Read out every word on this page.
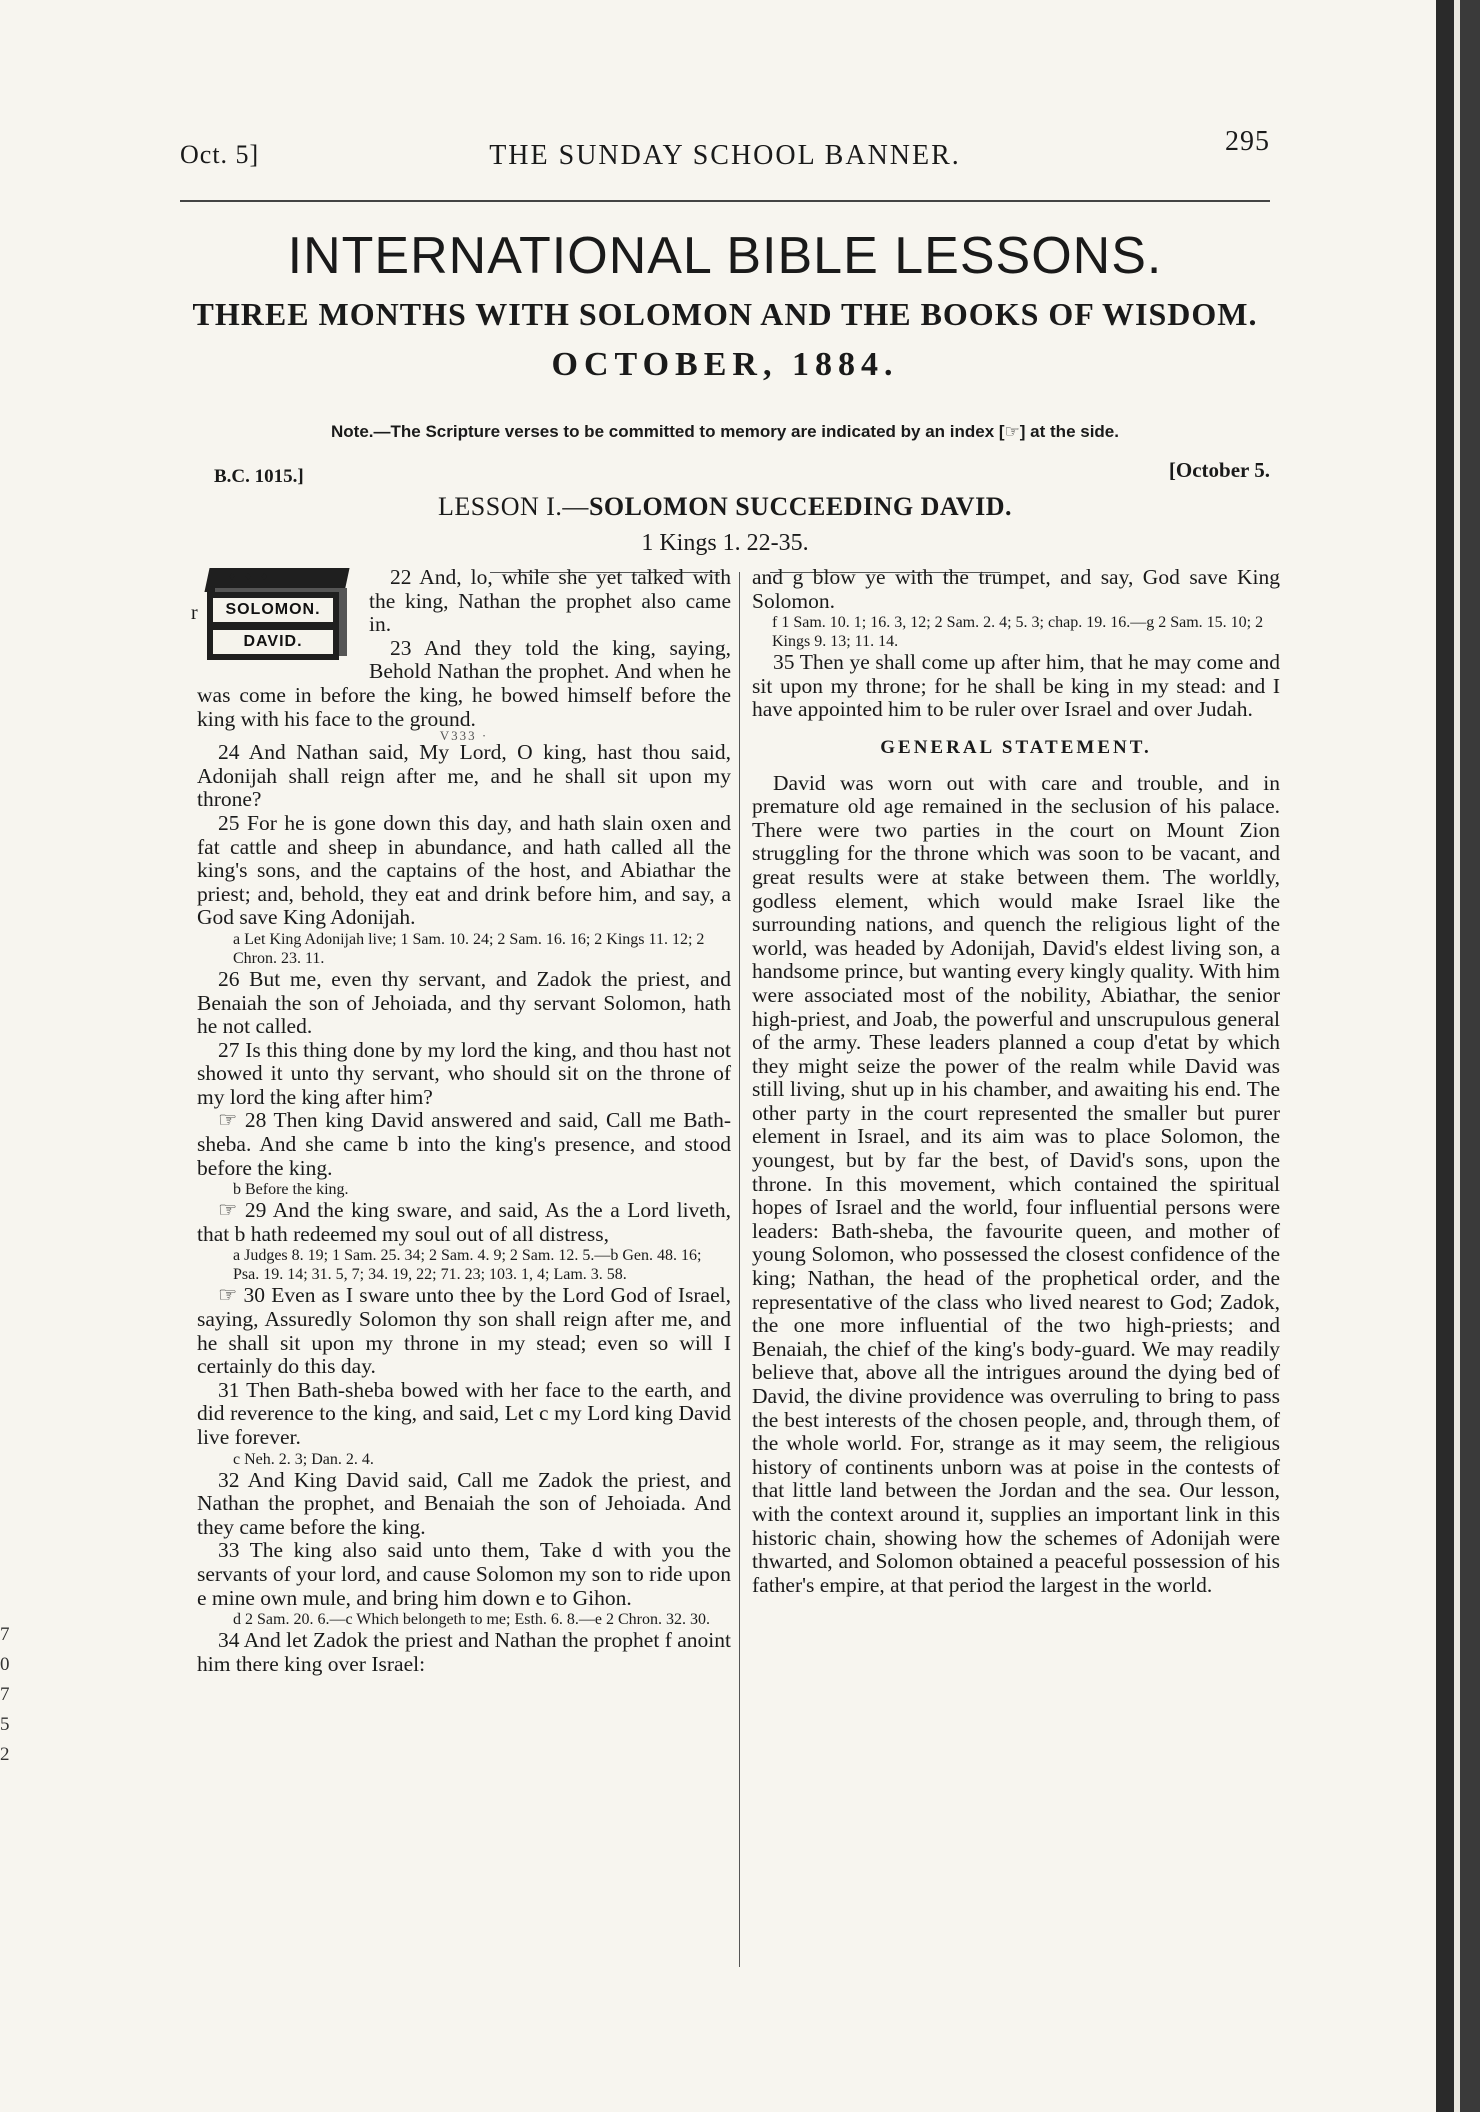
7
0
7
5
2
Oct. 5]	THE SUNDAY SCHOOL BANNER.	295
INTERNATIONAL BIBLE LESSONS.
THREE MONTHS WITH SOLOMON AND THE BOOKS OF WISDOM.
OCTOBER, 1884.
Note.—The Scripture verses to be committed to memory are indicated by an index [☞] at the side.
B.C. 1015.]	[October 5.
LESSON I.—SOLOMON SUCCEEDING DAVID.
1 Kings 1. 22-35.
♦♦♦
r	SOLOMON.
DAVID.

22 And, lo, while she yet talked with the king, Nathan the prophet also came in.

23 And they told the king, saying, Behold Nathan the prophet. And when he was come in before the king, he bowed himself before the king with his face to the ground.

V333 ·

24 And Nathan said, My Lord, O king, hast thou said, Adonijah shall reign after me, and he shall sit upon my throne?

25 For he is gone down this day, and hath slain oxen and fat cattle and sheep in abundance, and hath called all the king's sons, and the captains of the host, and Abiathar the priest; and, behold, they eat and drink before him, and say, a God save King Adonijah.

a Let King Adonijah live; 1 Sam. 10. 24; 2 Sam. 16. 16; 2 Kings 11. 12; 2 Chron. 23. 11.

26 But me, even thy servant, and Zadok the priest, and Benaiah the son of Jehoiada, and thy servant Solomon, hath he not called.

27 Is this thing done by my lord the king, and thou hast not showed it unto thy servant, who should sit on the throne of my lord the king after him?

☞ 28 Then king David answered and said, Call me Bath-sheba. And she came b into the king's presence, and stood before the king.

b Before the king.

☞ 29 And the king sware, and said, As the a Lord liveth, that b hath redeemed my soul out of all distress,

a Judges 8. 19; 1 Sam. 25. 34; 2 Sam. 4. 9; 2 Sam. 12. 5.—b Gen. 48. 16; Psa. 19. 14; 31. 5, 7; 34. 19, 22; 71. 23; 103. 1, 4; Lam. 3. 58.

☞ 30 Even as I sware unto thee by the Lord God of Israel, saying, Assuredly Solomon thy son shall reign after me, and he shall sit upon my throne in my stead; even so will I certainly do this day.

31 Then Bath-sheba bowed with her face to the earth, and did reverence to the king, and said, Let c my Lord king David live forever.

c Neh. 2. 3; Dan. 2. 4.

32 And King David said, Call me Zadok the priest, and Nathan the prophet, and Benaiah the son of Jehoiada. And they came before the king.

33 The king also said unto them, Take d with you the servants of your lord, and cause Solomon my son to ride upon e mine own mule, and bring him down e to Gihon.

d 2 Sam. 20. 6.—c Which belongeth to me; Esth. 6. 8.—e 2 Chron. 32. 30.

34 And let Zadok the priest and Nathan the prophet f anoint him there king over Israel:

and g blow ye with the trumpet, and say, God save King Solomon.

f 1 Sam. 10. 1; 16. 3, 12; 2 Sam. 2. 4; 5. 3; chap. 19. 16.—g 2 Sam. 15. 10; 2 Kings 9. 13; 11. 14.

35 Then ye shall come up after him, that he may come and sit upon my throne; for he shall be king in my stead: and I have appointed him to be ruler over Israel and over Judah.

GENERAL STATEMENT.

David was worn out with care and trouble, and in premature old age remained in the seclusion of his palace. There were two parties in the court on Mount Zion struggling for the throne which was soon to be vacant, and great results were at stake between them. The worldly, godless element, which would make Israel like the surrounding nations, and quench the religious light of the world, was headed by Adonijah, David's eldest living son, a handsome prince, but wanting every kingly quality. With him were associated most of the nobility, Abiathar, the senior high-priest, and Joab, the powerful and unscrupulous general of the army. These leaders planned a coup d'etat by which they might seize the power of the realm while David was still living, shut up in his chamber, and awaiting his end. The other party in the court represented the smaller but purer element in Israel, and its aim was to place Solomon, the youngest, but by far the best, of David's sons, upon the throne. In this movement, which contained the spiritual hopes of Israel and the world, four influential persons were leaders: Bath-sheba, the favourite queen, and mother of young Solomon, who possessed the closest confidence of the king; Nathan, the head of the prophetical order, and the representative of the class who lived nearest to God; Zadok, the one more influential of the two high-priests; and Benaiah, the chief of the king's body-guard. We may readily believe that, above all the intrigues around the dying bed of David, the divine providence was overruling to bring to pass the best interests of the chosen people, and, through them, of the whole world. For, strange as it may seem, the religious history of continents unborn was at poise in the contests of that little land between the Jordan and the sea. Our lesson, with the context around it, supplies an important link in this historic chain, showing how the schemes of Adonijah were thwarted, and Solomon obtained a peaceful possession of his father's empire, at that period the largest in the world.
